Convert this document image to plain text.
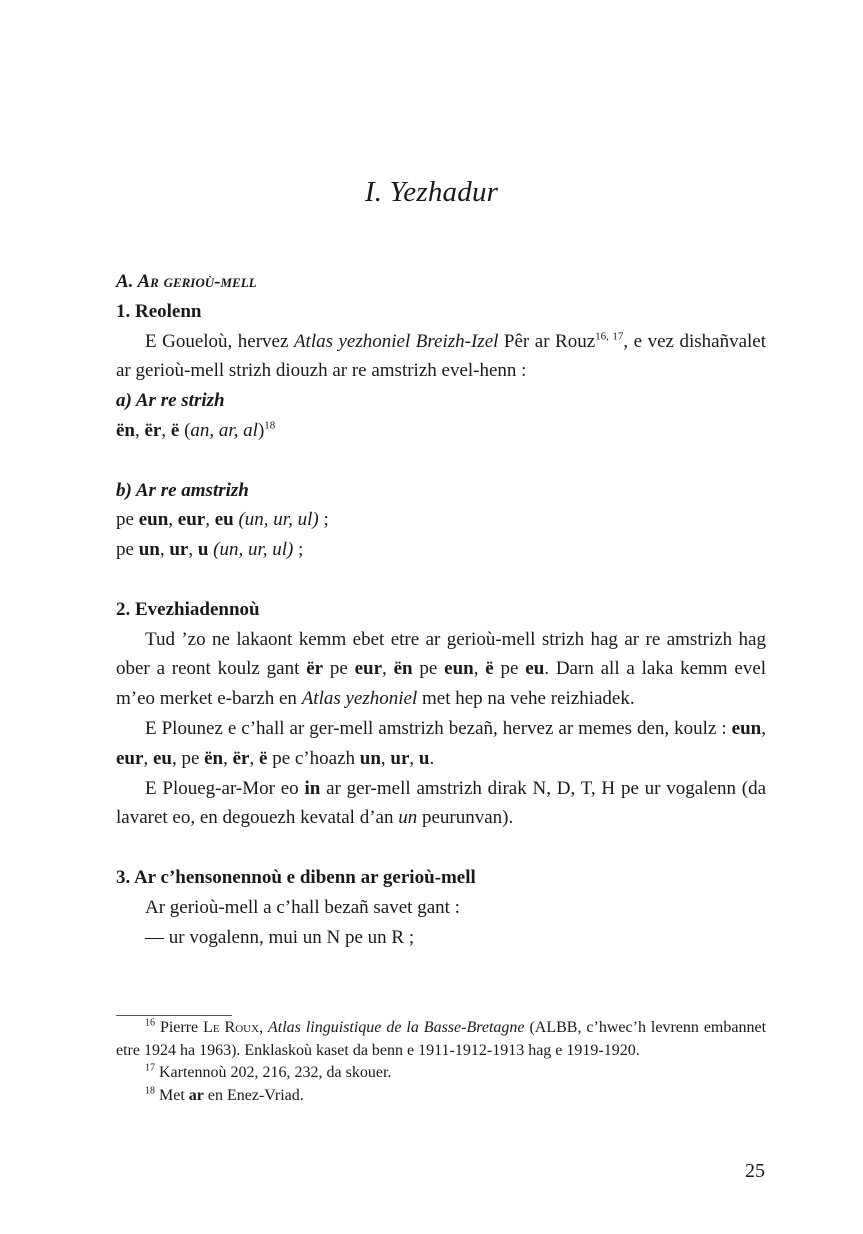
I. Yezhadur

A. Ar gerioù-mell

1. Reolenn

E Goueloù, hervez Atlas yezhoniel Breizh-Izel Pêr ar Rouz$^{16, 17}$, e vez dishañvalet ar gerioù-mell strizh diouzh ar re amstrizh evel-henn :

a) Ar re strizh

ën, ër, ë (an, ar, al)$^{18}$

b) Ar re amstrizh

pe eun, eur, eu (un, ur, ul) ;

pe un, ur, u (un, ur, ul) ;

2. Evezhiadennoù

Tud ’zo ne lakaont kemm ebet etre ar gerioù-mell strizh hag ar re amstrizh hag ober a reont koulz gant ër pe eur, ën pe eun, ë pe eu. Darn all a laka kemm evel m’eo merket e-barzh en Atlas yezhoniel met hep na vehe reizhiadek.

E Plounez e c’hall ar ger-mell amstrizh bezañ, hervez ar memes den, koulz : eun, eur, eu, pe ën, ër, ë pe c’hoazh un, ur, u.

E Ploueg-ar-Mor eo in ar ger-mell amstrizh dirak N, D, T, H pe ur vogalenn (da lavaret eo, en degouezh kevatal d’an un peurunvan).

3. Ar c’hensonennoù e dibenn ar gerioù-mell

Ar gerioù-mell a c’hall bezañ savet gant :

— ur vogalenn, mui un N pe un R ;

$^{16}$ Pierre Le Roux, Atlas linguistique de la Basse-Bretagne (ALBB, c’hwec’h levrenn embannet etre 1924 ha 1963). Enklaskoù kaset da benn e 1911-1912-1913 hag e 1919-1920.

$^{17}$ Kartennoù 202, 216, 232, da skouer.

$^{18}$ Met ar en Enez-Vriad.

25
